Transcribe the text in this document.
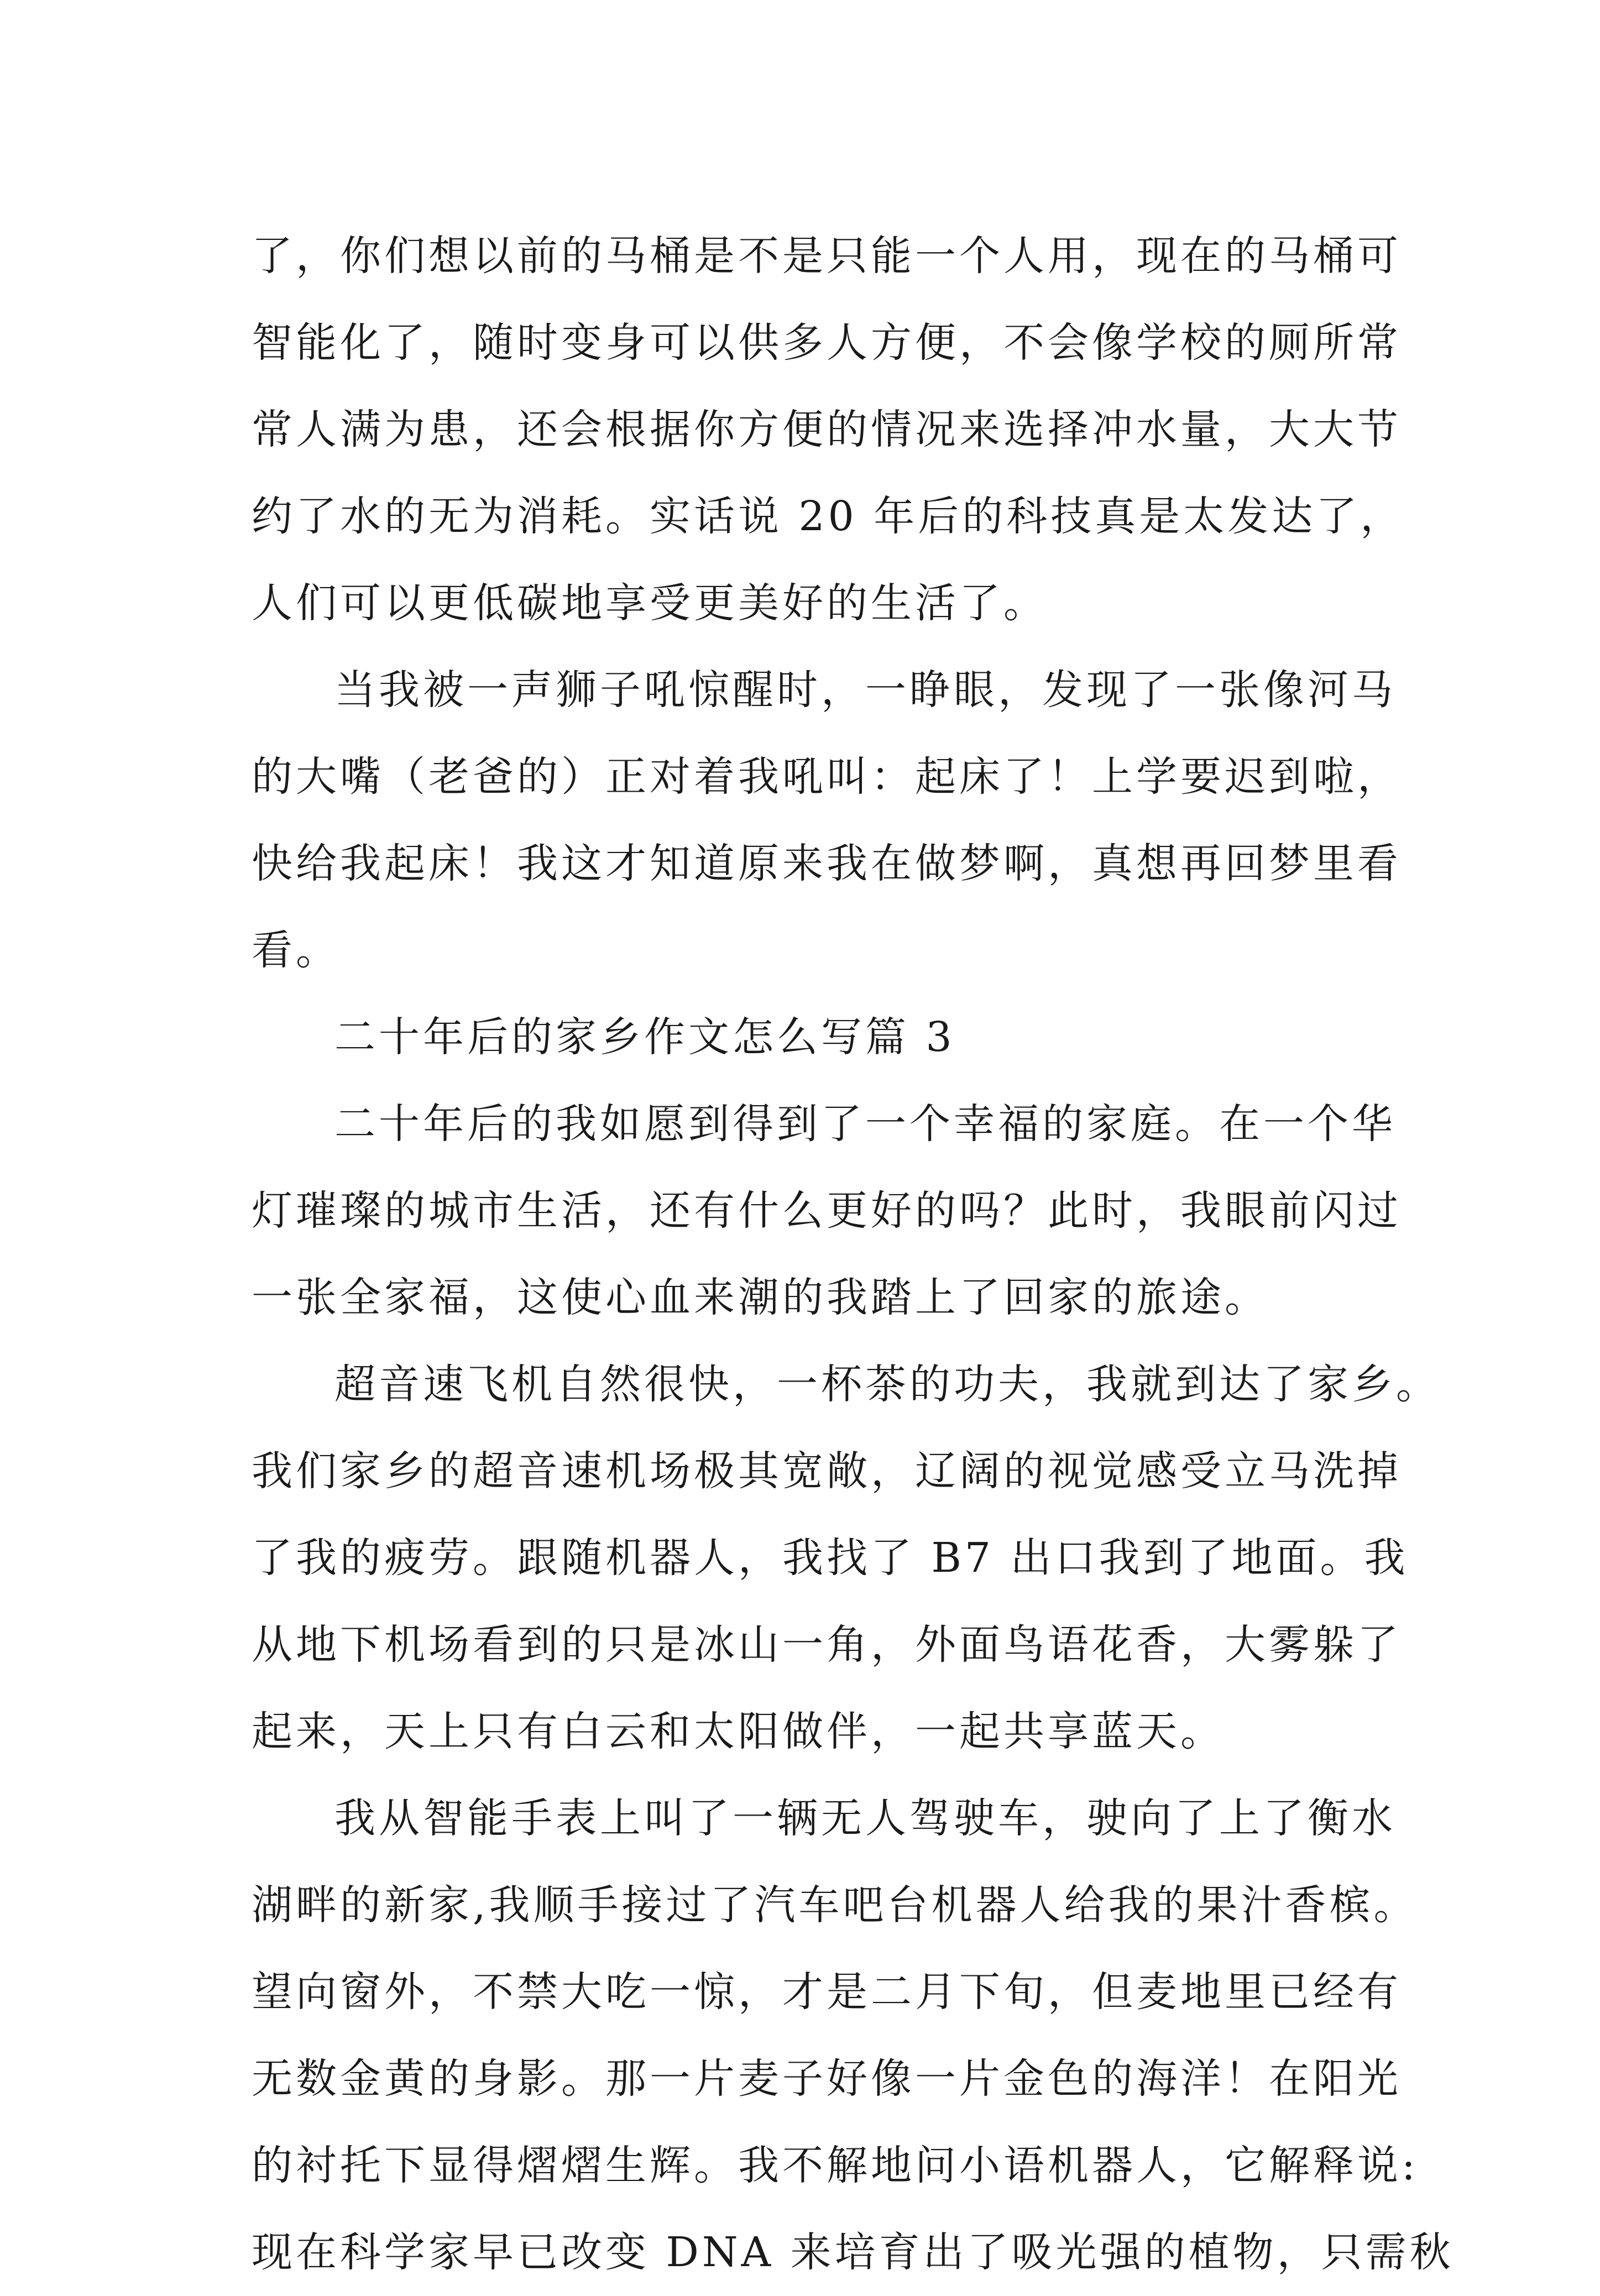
了，你们想以前的马桶是不是只能一个人用，现在的马桶可
智能化了，随时变身可以供多人方便，不会像学校的厕所常
常人满为患，还会根据你方便的情况来选择冲水量，大大节
约了水的无为消耗。实话说 20 年后的科技真是太发达了，
人们可以更低碳地享受更美好的生活了。
当我被一声狮子吼惊醒时，一睁眼，发现了一张像河马
的大嘴（老爸的）正对着我吼叫：起床了！上学要迟到啦，
快给我起床！我这才知道原来我在做梦啊，真想再回梦里看
看。
二十年后的家乡作文怎么写篇 3
二十年后的我如愿到得到了一个幸福的家庭。在一个华
灯璀璨的城市生活，还有什么更好的吗？此时，我眼前闪过
一张全家福，这使心血来潮的我踏上了回家的旅途。
超音速飞机自然很快，一杯茶的功夫，我就到达了家乡。
我们家乡的超音速机场极其宽敞，辽阔的视觉感受立马洗掉
了我的疲劳。跟随机器人，我找了 B7 出口我到了地面。我
从地下机场看到的只是冰山一角，外面鸟语花香，大雾躲了
起来，天上只有白云和太阳做伴，一起共享蓝天。
我从智能手表上叫了一辆无人驾驶车，驶向了上了衡水
湖畔的新家,我顺手接过了汽车吧台机器人给我的果汁香槟。
望向窗外，不禁大吃一惊，才是二月下旬，但麦地里已经有
无数金黄的身影。那一片麦子好像一片金色的海洋！在阳光
的衬托下显得熠熠生辉。我不解地问小语机器人，它解释说:
现在科学家早已改变 DNA 来培育出了吸光强的植物，只需秋
